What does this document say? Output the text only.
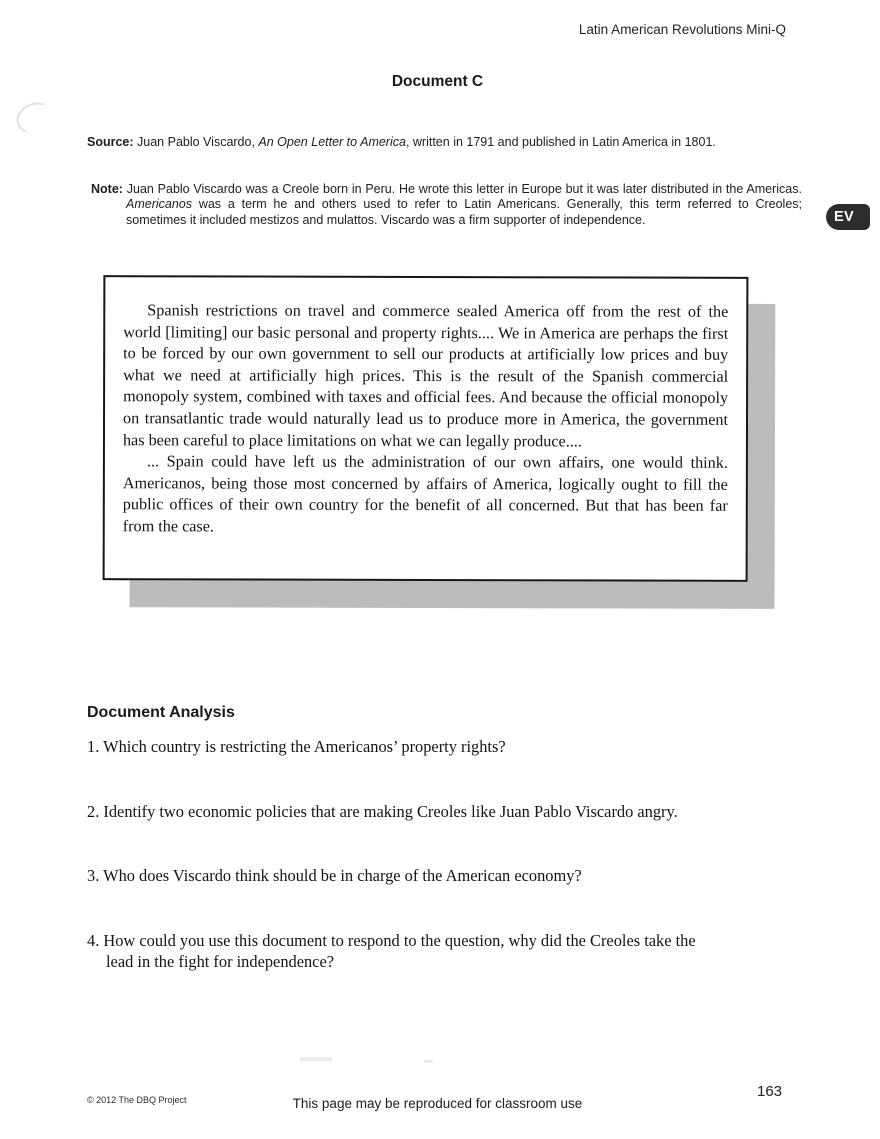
Latin American Revolutions Mini-Q
Document C

Source: Juan Pablo Viscardo, An Open Letter to America, written in 1791 and published in Latin America in 1801.

Note: Juan Pablo Viscardo was a Creole born in Peru. He wrote this letter in Europe but it was later distributed in the Americas. Americanos was a term he and others used to refer to Latin Americans. Generally, this term referred to Creoles; sometimes it included mestizos and mulattos. Viscardo was a firm supporter of independence.	EV

Spanish restrictions on travel and commerce sealed America off from the rest of the world [limiting] our basic personal and property rights.... We in America are perhaps the first to be forced by our own government to sell our products at artificially low prices and buy what we need at artificially high prices. This is the result of the Spanish commercial monopoly system, combined with taxes and official fees. And because the official monopoly on transatlantic trade would naturally lead us to produce more in America, the government has been careful to place limitations on what we can legally produce....

... Spain could have left us the administration of our own affairs, one would think. Americanos, being those most concerned by affairs of America, logically ought to fill the public offices of their own country for the benefit of all concerned. But that has been far from the case.

Document Analysis

1. Which country is restricting the Americanos’ property rights?

2. Identify two economic policies that are making Creoles like Juan Pablo Viscardo angry.

3. Who does Viscardo think should be in charge of the American economy?

4. How could you use this document to respond to the question, why did the Creoles take the lead in the fight for independence?

© 2012 The DBQ Project	This page may be reproduced for classroom use
163
